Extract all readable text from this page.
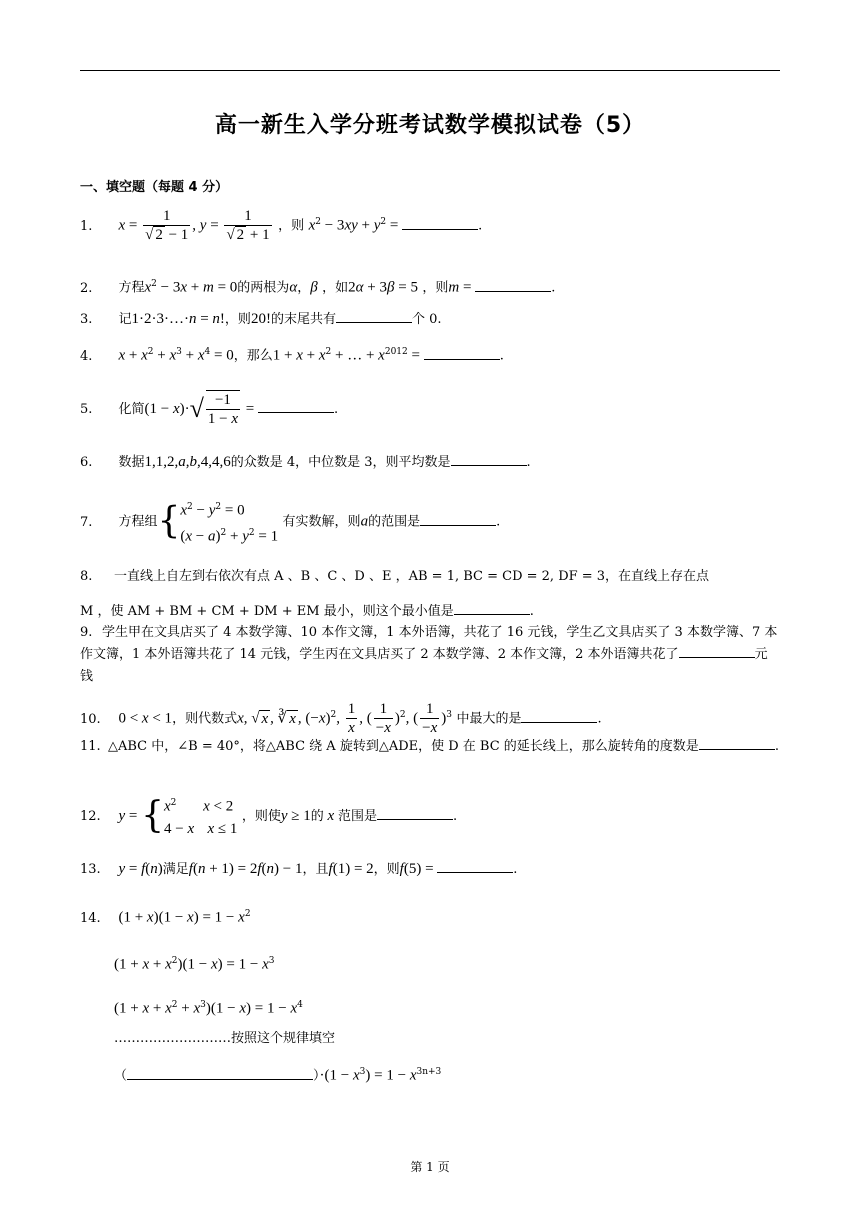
高一新生入学分班考试数学模拟试卷（5）
一、填空题（每题 4 分）
1. $x = \frac{1}{√ 2 - 1}$ , $y = \frac{1}{√ 2 + 1}$ ，则 $x^2 - 3xy + y^2$ =	.
2. 方程$x^2 - 3x + m = 0$的两根为α，β ，如2α + 3β = 5 ，则m =	.
3. 记1·2·3·…·n = n!，则20!的末尾共有	个 0.
4. $x + x^2 + x^3 + x^4 = 0$，那么$1 + x + x^2$ + … + $x^{2012}$ =	.
5. 化简$(1 - x)\cdot√ \frac{-1}{1 - x}$ =	.
6. 数据1,1,2,a,b,4,4,6的众数是 4，中位数是 3，则平均数是	.
7. 方程组{$x^2 - y^2 = 0$
$(x - a)^2 + y^2 = 1$ 有实数解，则a的范围是	.
8. 一直线上自左到右依次有点 A 、B 、C 、D 、E ，AB = 1, BC = CD = 2, DF = 3，在直线上存在点
M ，使 AM + BM + CM + DM + EM 最小，则这个最小值是	.
9. 学生甲在文具店买了 4 本数学簿、10 本作文簿，1 本外语簿，共花了 16 元钱，学生乙文具店买了 3 本数学簿、7 本作文簿，1 本外语簿共花了 14 元钱，学生丙在文具店买了 2 本数学簿、2 本作文簿，2 本外语簿共花了	元钱
10. 0 < x < 1，则代数式x, √ x , ∛ x , $(-x)^2$, $\frac{1}{x}$ , ( $\frac{1}{-x} )^2$, ( $\frac{1}{-x} )^3$ 中最大的是	.
11. △ABC 中，∠B = 40°，将△ABC 绕 A 旋转到△ADE，使 D 在 BC 的延长线上，那么旋转角的度数是	.
12. $y = \{x^2$ x < 2
4 − x x ≤ 1 ，则使y ≥ 1的 x 范围是	.
13. y = f(n)满足f(n + 1) = 2f(n) − 1，且f(1) = 2，则f(5) =	.
14. $(1 + x)(1 - x) = 1 - x^2$
$(1 + x + x^2)(1 - x) = 1 - x^3$
$(1 + x + x^2 + x^3)(1 - x) = 1 - x^4$
………………………按照这个规律填空
（	）$\cdot(1 - x^3) = 1 - x^{3n+3}$
第 1 页
